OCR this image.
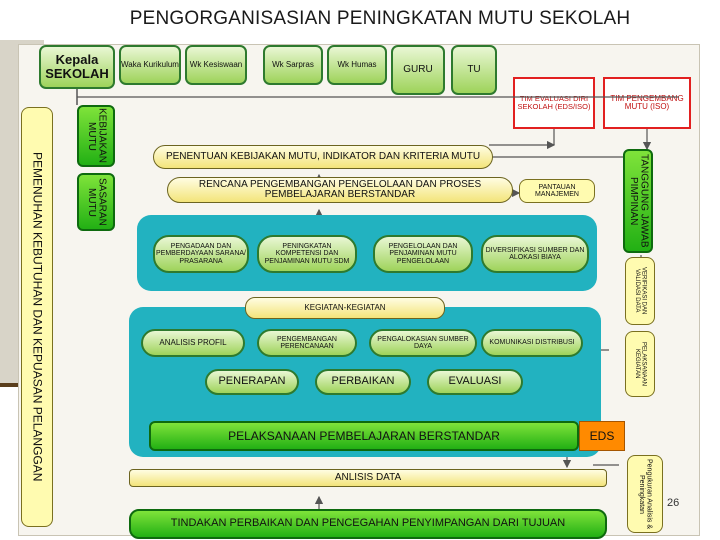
PENGORGANISASIAN PENINGKATAN MUTU SEKOLAH
Kepala SEKOLAH
Waka Kurikulum	Wk Kesiswaan	Wk Sarpras	Wk Humas	GURU	TU
TIM EVALUASI DIRI SEKOLAH (EDS/ISO)
TIM PENGEMBANG MUTU (ISO)
PEMENUHAN KEBUTUHAN DAN KEPUASAN PELANGGAN
KEBIJAKAN MUTU
SASARAN MUTU
PENENTUAN KEBIJAKAN MUTU, INDIKATOR DAN KRITERIA MUTU
RENCANA PENGEMBANGAN PENGELOLAAN DAN PROSES PEMBELAJARAN BERSTANDAR
PANTAUAN MANAJEMEN	TANGGUNG JAWAB PIMPINAN
VERIFIKASI DAN VALIDASI DATA
PELAKSANAAN KEGIATAN
Pengukuran Analisis & Peningkatan
PENGADAAN DAN PEMBERDAYAAN SARANA/ PRASARANA
PENINGKATAN KOMPETENSI DAN PENJAMINAN MUTU SDM
PENGELOLAAN DAN PENJAMINAN MUTU PENGELOLAAN
DIVERSIFIKASI SUMBER DAN ALOKASI BIAYA
KEGIATAN-KEGIATAN
ANALISIS PROFIL	PENGEMBANGAN PERENCANAAN
PENGALOKASIAN SUMBER DAYA
KOMUNIKASI DISTRIBUSI
PENERAPAN	PERBAIKAN	EVALUASI
PELAKSANAAN PEMBELAJARAN BERSTANDAR	EDS
ANLISIS DATA
TINDAKAN PERBAIKAN DAN PENCEGAHAN PENYIMPANGAN DARI TUJUAN
26
